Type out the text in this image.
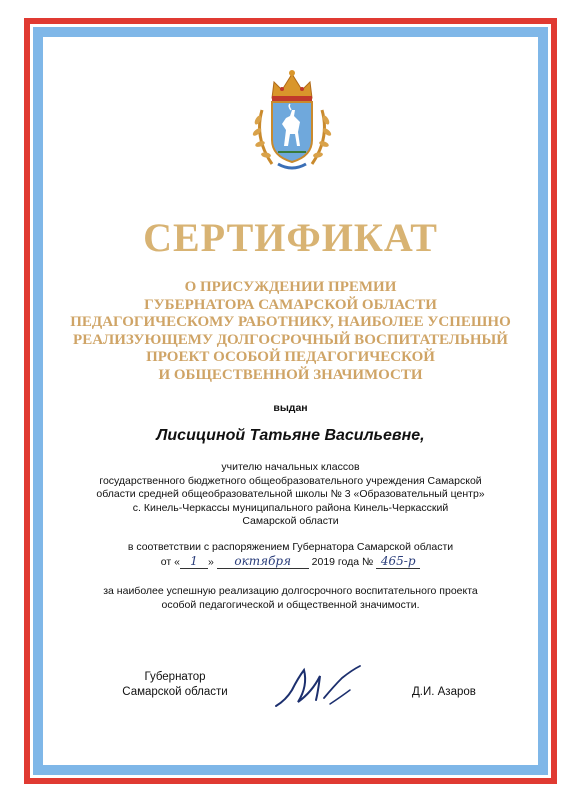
СЕРТИФИКАТ
О ПРИСУЖДЕНИИ ПРЕМИИ
ГУБЕРНАТОРА САМАРСКОЙ ОБЛАСТИ
ПЕДАГОГИЧЕСКОМУ РАБОТНИКУ, НАИБОЛЕЕ УСПЕШНО
РЕАЛИЗУЮЩЕМУ ДОЛГОСРОЧНЫЙ ВОСПИТАТЕЛЬНЫЙ
ПРОЕКТ ОСОБОЙ ПЕДАГОГИЧЕСКОЙ
И ОБЩЕСТВЕННОЙ ЗНАЧИМОСТИ
выдан
Лисициной Татьяне Васильевне,
учителю начальных классов
государственного бюджетного общеобразовательного учреждения Самарской
области средней общеобразовательной школы № 3 «Образовательный центр»
с. Кинель-Черкассы муниципального района Кинель-Черкасский
Самарской области
в соответствии с распоряжением Губернатора Самарской области
от « 1 » октября 2019 года № 465-р
за наиболее успешную реализацию долгосрочного воспитательного проекта
особой педагогической и общественной значимости.
Губернатор
Самарской области	Д.И. Азаров
